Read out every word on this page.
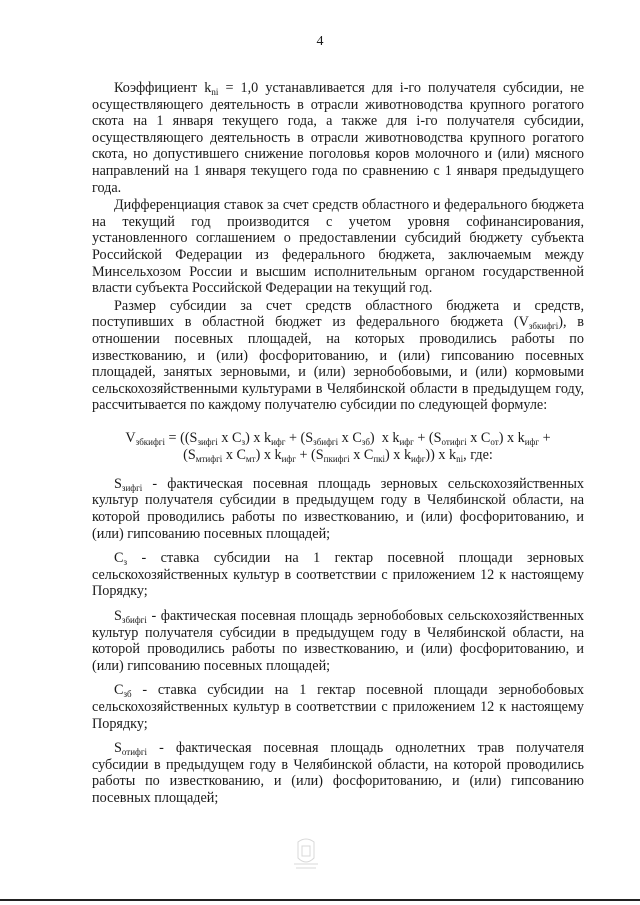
4

Коэффициент $k_{ni} = 1,0$ устанавливается для i-го получателя субсидии, не осуществляющего деятельность в отрасли животноводства крупного рогатого скота на 1 января текущего года, а также для i-го получателя субсидии, осуществляющего деятельность в отрасли животноводства крупного рогатого скота, но допустившего снижение поголовья коров молочного и (или) мясного направлений на 1 января текущего года по сравнению с 1 января предыдущего года.

Дифференциация ставок за счет средств областного и федерального бюджета на текущий год производится с учетом уровня софинансирования, установленного соглашением о предоставлении субсидий бюджету субъекта Российской Федерации из федерального бюджета, заключаемым между Минсельхозом России и высшим исполнительным органом государственной власти субъекта Российской Федерации на текущий год.

Размер субсидии за счет средств областного бюджета и средств, поступивших в областной бюджет из федерального бюджета $(V_{збкифгi})$, в отношении посевных площадей, на которых проводились работы по известкованию, и (или) фосфоритованию, и (или) гипсованию посевных площадей, занятых зерновыми, и (или) зернобобовыми, и (или) кормовыми сельскохозяйственными культурами в Челябинской области в предыдущем году, рассчитывается по каждому получателю субсидии по следующей формуле:

$V_{збкифгi} = ((S_{зифгi}$ x $C_з$) x $k_{ифг} + (S_{збифгi}$ x $C_{зб}$)  x $k_{ифг} + (S_{отифгi}$ x $C_{от}$) x $k_{ифг}$ +
($S_{мтифгi}$ x $C_{мт}$) x $k_{ифг} + (S_{пкифгi}$ x $C_{пкi}$) x $k_{ифг}$)) x $k_{ni}$, где:

$S_{зифгi}$ - фактическая посевная площадь зерновых сельскохозяйственных культур получателя субсидии в предыдущем году в Челябинской области, на которой проводились работы по известкованию, и (или) фосфоритованию, и (или) гипсованию посевных площадей;

$С_з$ - ставка субсидии на 1 гектар посевной площади зерновых сельскохозяйственных культур в соответствии с приложением 12 к настоящему Порядку;

$S_{збифгi}$ - фактическая посевная площадь зернобобовых сельскохозяйственных культур получателя субсидии в предыдущем году в Челябинской области, на которой проводились работы по известкованию, и (или) фосфоритованию, и (или) гипсованию посевных площадей;

$С_{зб}$ - ставка субсидии на 1 гектар посевной площади зернобобовых сельскохозяйственных культур в соответствии с приложением 12 к настоящему Порядку;

$S_{отифгi}$ - фактическая посевная площадь однолетних трав получателя субсидии в предыдущем году в Челябинской области, на которой проводились работы по известкованию, и (или) фосфоритованию, и (или) гипсованию посевных площадей;
